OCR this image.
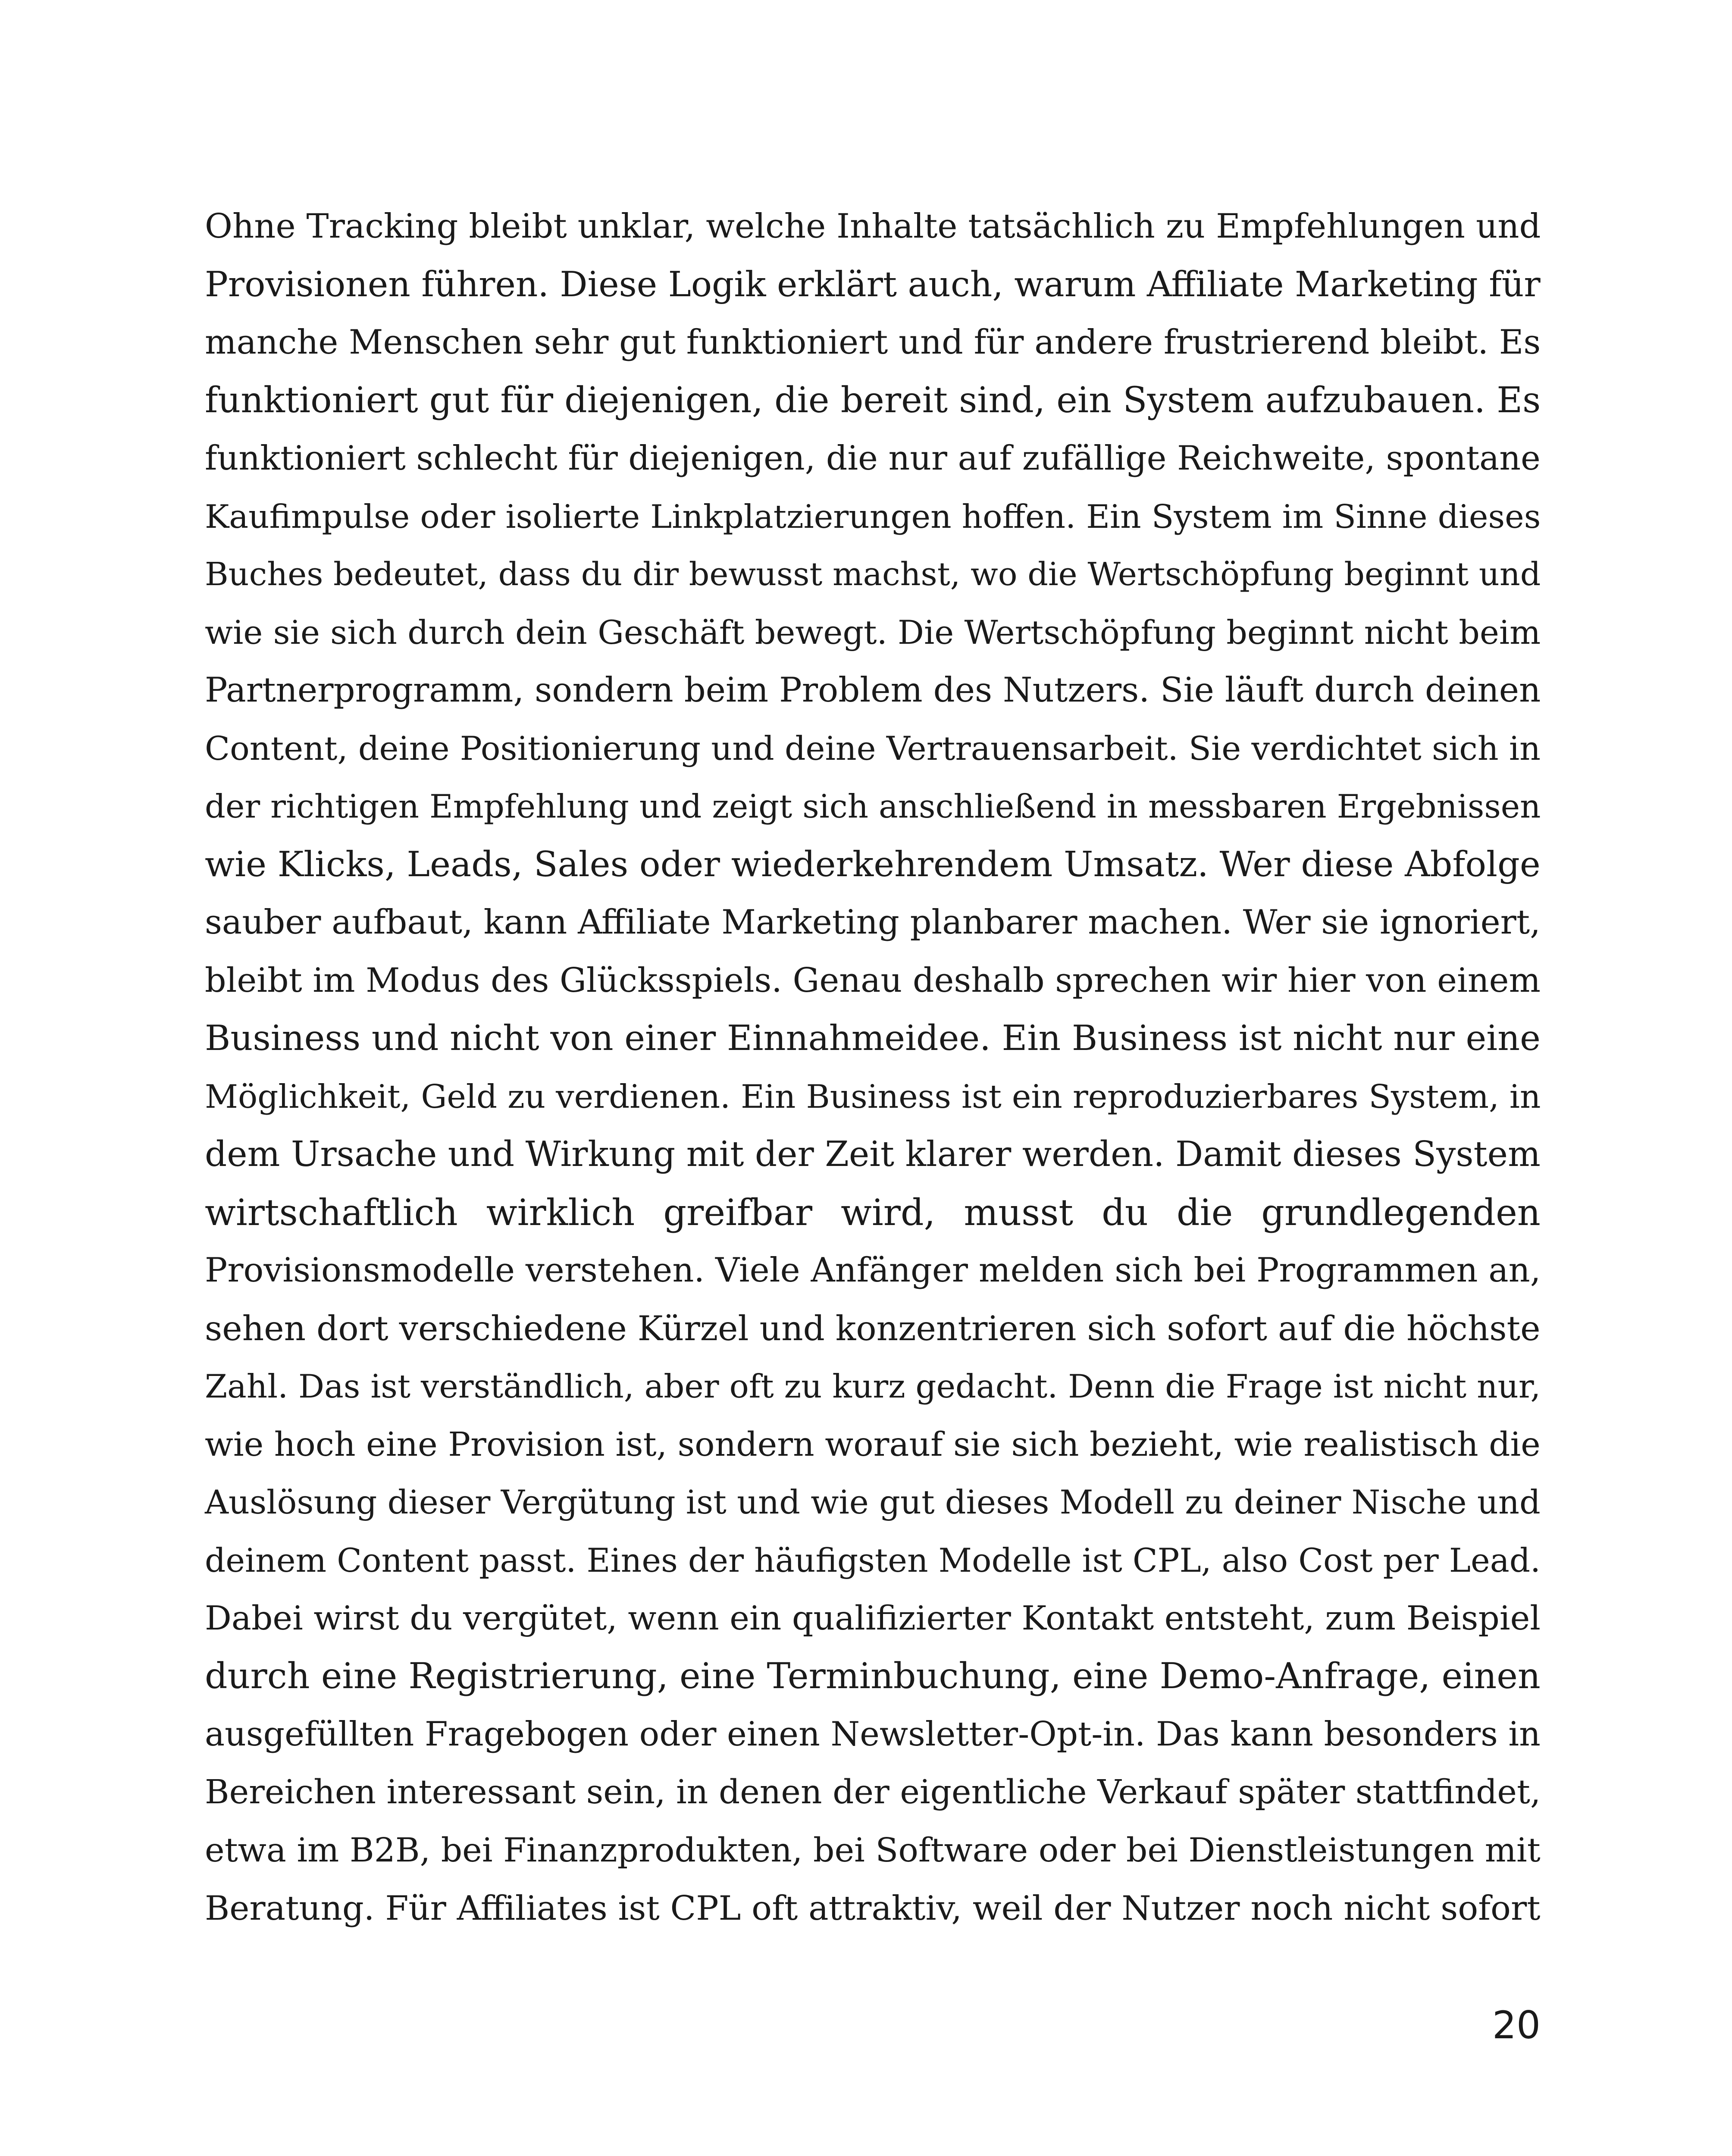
Ohne Tracking bleibt unklar, welche Inhalte tatsächlich zu Empfehlungen und
Provisionen führen. Diese Logik erklärt auch, warum Affiliate Marketing für
manche Menschen sehr gut funktioniert und für andere frustrierend bleibt. Es
funktioniert gut für diejenigen, die bereit sind, ein System aufzubauen. Es
funktioniert schlecht für diejenigen, die nur auf zufällige Reichweite, spontane
Kaufimpulse oder isolierte Linkplatzierungen hoffen. Ein System im Sinne dieses
Buches bedeutet, dass du dir bewusst machst, wo die Wertschöpfung beginnt und
wie sie sich durch dein Geschäft bewegt. Die Wertschöpfung beginnt nicht beim
Partnerprogramm, sondern beim Problem des Nutzers. Sie läuft durch deinen
Content, deine Positionierung und deine Vertrauensarbeit. Sie verdichtet sich in
der richtigen Empfehlung und zeigt sich anschließend in messbaren Ergebnissen
wie Klicks, Leads, Sales oder wiederkehrendem Umsatz. Wer diese Abfolge
sauber aufbaut, kann Affiliate Marketing planbarer machen. Wer sie ignoriert,
bleibt im Modus des Glücksspiels. Genau deshalb sprechen wir hier von einem
Business und nicht von einer Einnahmeidee. Ein Business ist nicht nur eine
Möglichkeit, Geld zu verdienen. Ein Business ist ein reproduzierbares System, in
dem Ursache und Wirkung mit der Zeit klarer werden. Damit dieses System
wirtschaftlich wirklich greifbar wird, musst du die grundlegenden
Provisionsmodelle verstehen. Viele Anfänger melden sich bei Programmen an,
sehen dort verschiedene Kürzel und konzentrieren sich sofort auf die höchste
Zahl. Das ist verständlich, aber oft zu kurz gedacht. Denn die Frage ist nicht nur,
wie hoch eine Provision ist, sondern worauf sie sich bezieht, wie realistisch die
Auslösung dieser Vergütung ist und wie gut dieses Modell zu deiner Nische und
deinem Content passt. Eines der häufigsten Modelle ist CPL, also Cost per Lead.
Dabei wirst du vergütet, wenn ein qualifizierter Kontakt entsteht, zum Beispiel
durch eine Registrierung, eine Terminbuchung, eine Demo-Anfrage, einen
ausgefüllten Fragebogen oder einen Newsletter-Opt-in. Das kann besonders in
Bereichen interessant sein, in denen der eigentliche Verkauf später stattfindet,
etwa im B2B, bei Finanzprodukten, bei Software oder bei Dienstleistungen mit
Beratung. Für Affiliates ist CPL oft attraktiv, weil der Nutzer noch nicht sofort
20
